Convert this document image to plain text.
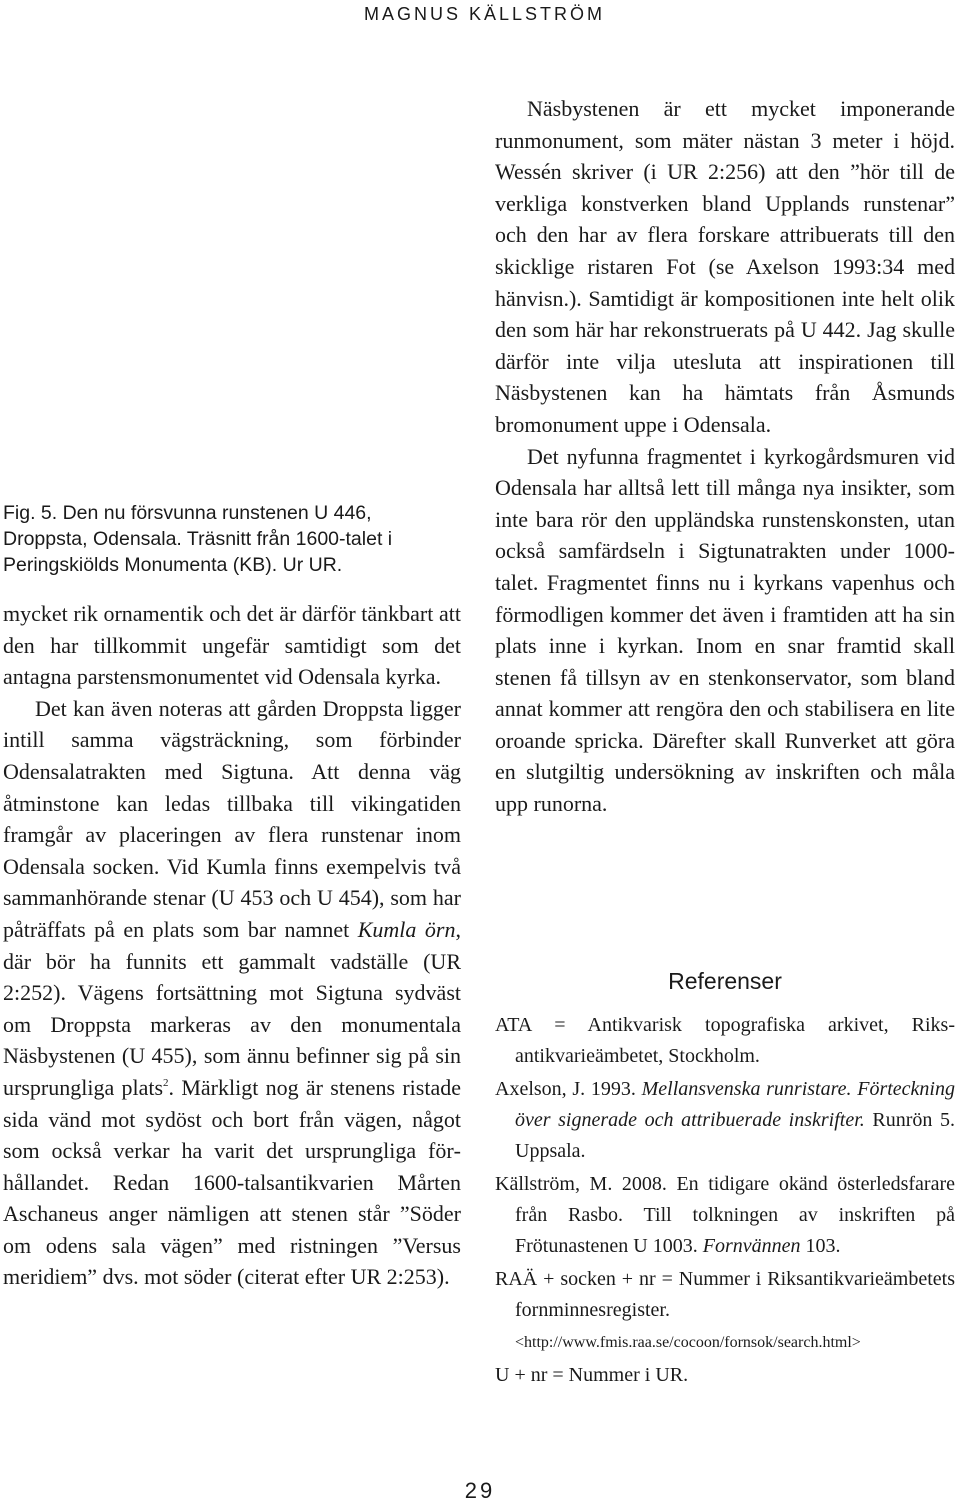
MAGNUS KÄLLSTRÖM
Fig. 5. Den nu försvunna runstenen U 446,
Droppsta, Odensala. Träsnitt från 1600-talet i
Peringskiölds Monumenta (KB). Ur UR.

mycket rik ornamentik och det är därför tänkbart att den har tillkommit ungefär samtidigt som det antagna parstensmonumentet vid Odensala kyrka.

Det kan även noteras att gården Droppsta ligger intill samma vägsträckning, som förbinder Odensalatrakten med Sigtuna. Att denna väg åtminstone kan ledas tillbaka till vikingatiden framgår av placeringen av flera runstenar inom Odensala socken. Vid Kumla finns exempelvis två sammanhörande stenar (U 453 och U 454), som har påträffats på en plats som bar namnet Kumla örn, där bör ha funnits ett gammalt vadställe (UR 2:252). Vägens fortsättning mot Sigtuna sydväst om Droppsta markeras av den monumentala Näsbystenen (U 455), som ännu befinner sig på sin ursprungliga plats$^2$. Märkligt nog är stenens ristade sida vänd mot sydöst och bort från vägen, något som också verkar ha varit det ursprungliga förhållandet. Redan 1600-talsantikvarien Mårten Aschaneus anger nämligen att stenen står ”Söder om odens sala vägen” med ristningen ”Versus meridiem” dvs. mot söder (citerat efter UR 2:253).

Näsbystenen är ett mycket imponerande runmonument, som mäter nästan 3 meter i höjd. Wessén skriver (i UR 2:256) att den ”hör till de verkliga konstverken bland Upplands runstenar” och den har av flera forskare attribuerats till den skicklige ristaren Fot (se Axelson 1993:34 med hänvisn.). Samtidigt är kompositionen inte helt olik den som här har rekonstruerats på U 442. Jag skulle därför inte vilja utesluta att inspirationen till Näsbystenen kan ha hämtats från Åsmunds bromonument uppe i Odensala.

Det nyfunna fragmentet i kyrkogårdsmuren vid Odensala har alltså lett till många nya insikter, som inte bara rör den uppländska runstenskonsten, utan också samfärdseln i Sigtunatrakten under 1000-talet. Fragmentet finns nu i kyrkans vapenhus och förmodligen kommer det även i framtiden att ha sin plats inne i kyrkan. Inom en snar framtid skall stenen få tillsyn av en stenkonservator, som bland annat kommer att rengöra den och stabilisera en lite oroande spricka. Därefter skall Runverket att göra en slutgiltig undersökning av inskriften och måla upp runorna.

Referenser
ATA = Antikvarisk topografiska arkivet, Riksantikvarieämbetet, Stockholm.
Axelson, J. 1993. Mellansvenska runristare. Förteckning över signerade och attribuerade inskrifter. Runrön 5. Uppsala.
Källström, M. 2008. En tidigare okänd österledsfarare från Rasbo. Till tolkningen av inskriften på Frötunastenen U 1003. Fornvännen 103.
RAÄ + socken + nr = Nummer i Riksantikvarieämbetets fornminnesregister.
<http://www.fmis.raa.se/cocoon/fornsok/search.html>
U + nr = Nummer i UR.
29
